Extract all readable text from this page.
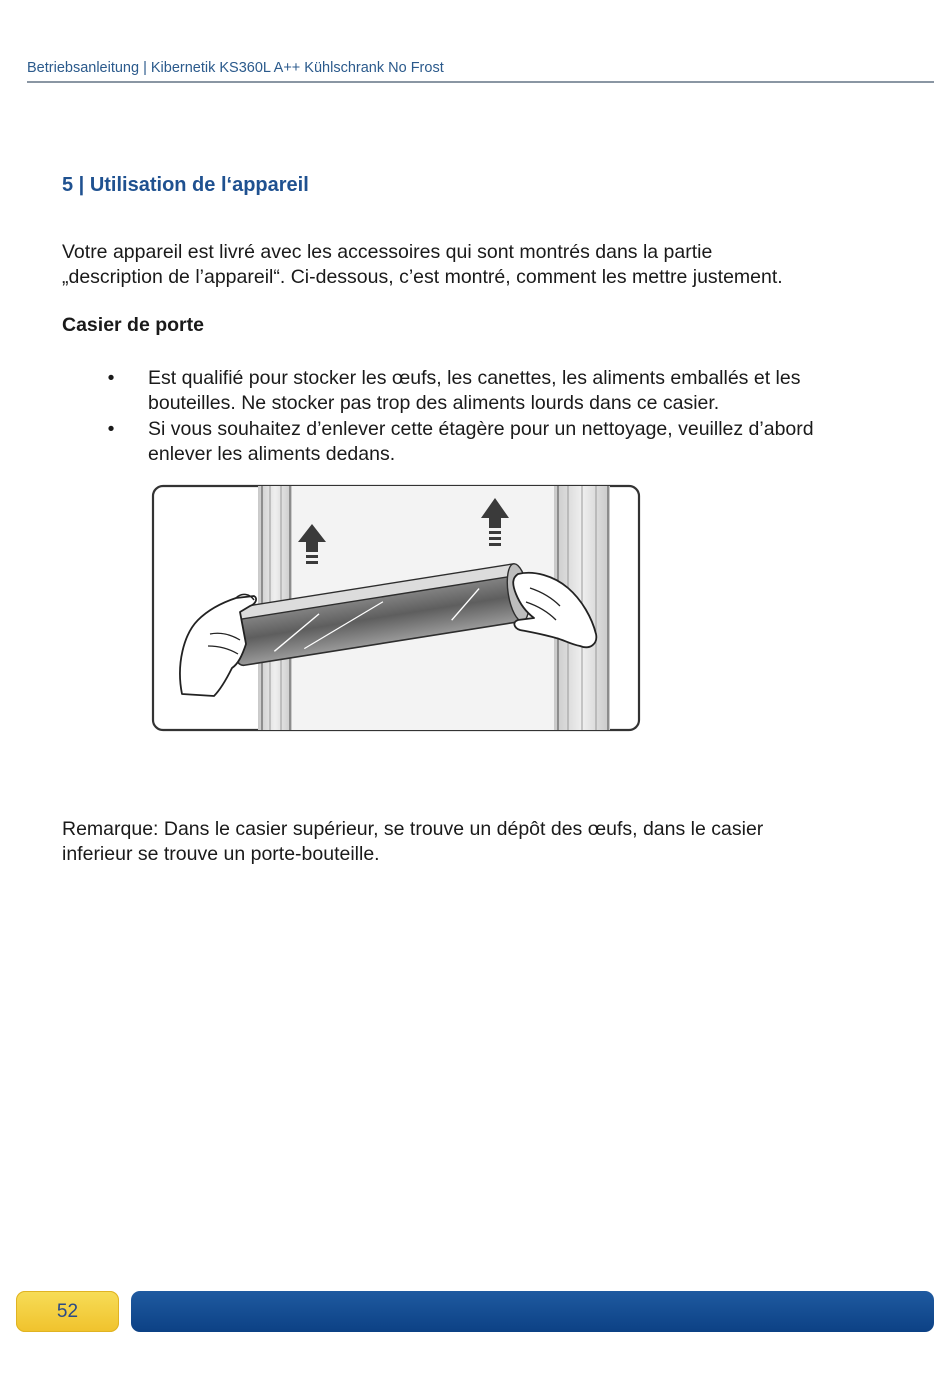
Betriebsanleitung | Kibernetik KS360L A++ Kühlschrank No Frost
5 | Utilisation de l‘appareil

Votre appareil est livré avec les accessoires qui sont montrés dans la partie

„description de l’appareil“. Ci-dessous, c’est montré, comment les mettre justement.

Casier de porte
• Est qualifié pour stocker les œufs, les canettes, les aliments emballés et les
bouteilles. Ne stocker pas trop des aliments lourds dans ce casier.
• Si vous souhaitez d’enlever cette étagère pour un nettoyage, veuillez d’abord
enlever les aliments dedans.

Remarque: Dans le casier supérieur, se trouve un dépôt des œufs, dans le casier

inferieur se trouve un porte-bouteille.

52
